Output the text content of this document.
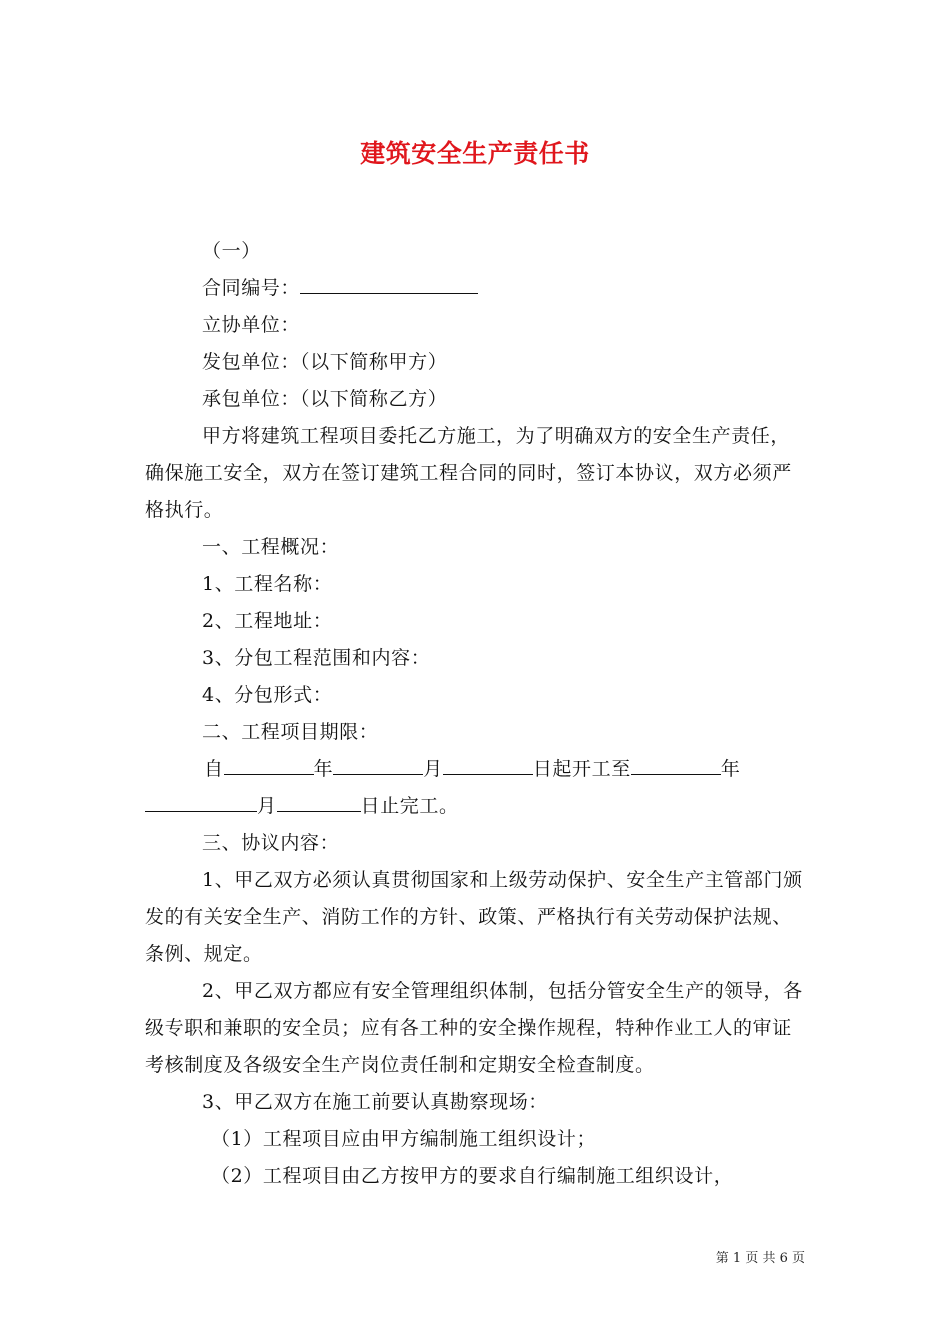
建筑安全生产责任书

（一）

合同编号：

立协单位：

发包单位：（以下简称甲方）

承包单位：（以下简称乙方）

甲方将建筑工程项目委托乙方施工，为了明确双方的安全生产责任，确保施工安全，双方在签订建筑工程合同的同时，签订本协议，双方必须严格执行。

一、工程概况：

1、工程名称：

2、工程地址：

3、分包工程范围和内容：

4、分包形式：

二、工程项目期限：

自	年	月	日起开工至	年月	日止完工。

三、协议内容：

1、甲乙双方必须认真贯彻国家和上级劳动保护、安全生产主管部门颁发的有关安全生产、消防工作的方针、政策、严格执行有关劳动保护法规、条例、规定。

2、甲乙双方都应有安全管理组织体制，包括分管安全生产的领导，各级专职和兼职的安全员；应有各工种的安全操作规程，特种作业工人的审证考核制度及各级安全生产岗位责任制和定期安全检查制度。

3、甲乙双方在施工前要认真勘察现场：

（1）工程项目应由甲方编制施工组织设计；

（2）工程项目由乙方按甲方的要求自行编制施工组织设计，

第 1 页 共 6 页
